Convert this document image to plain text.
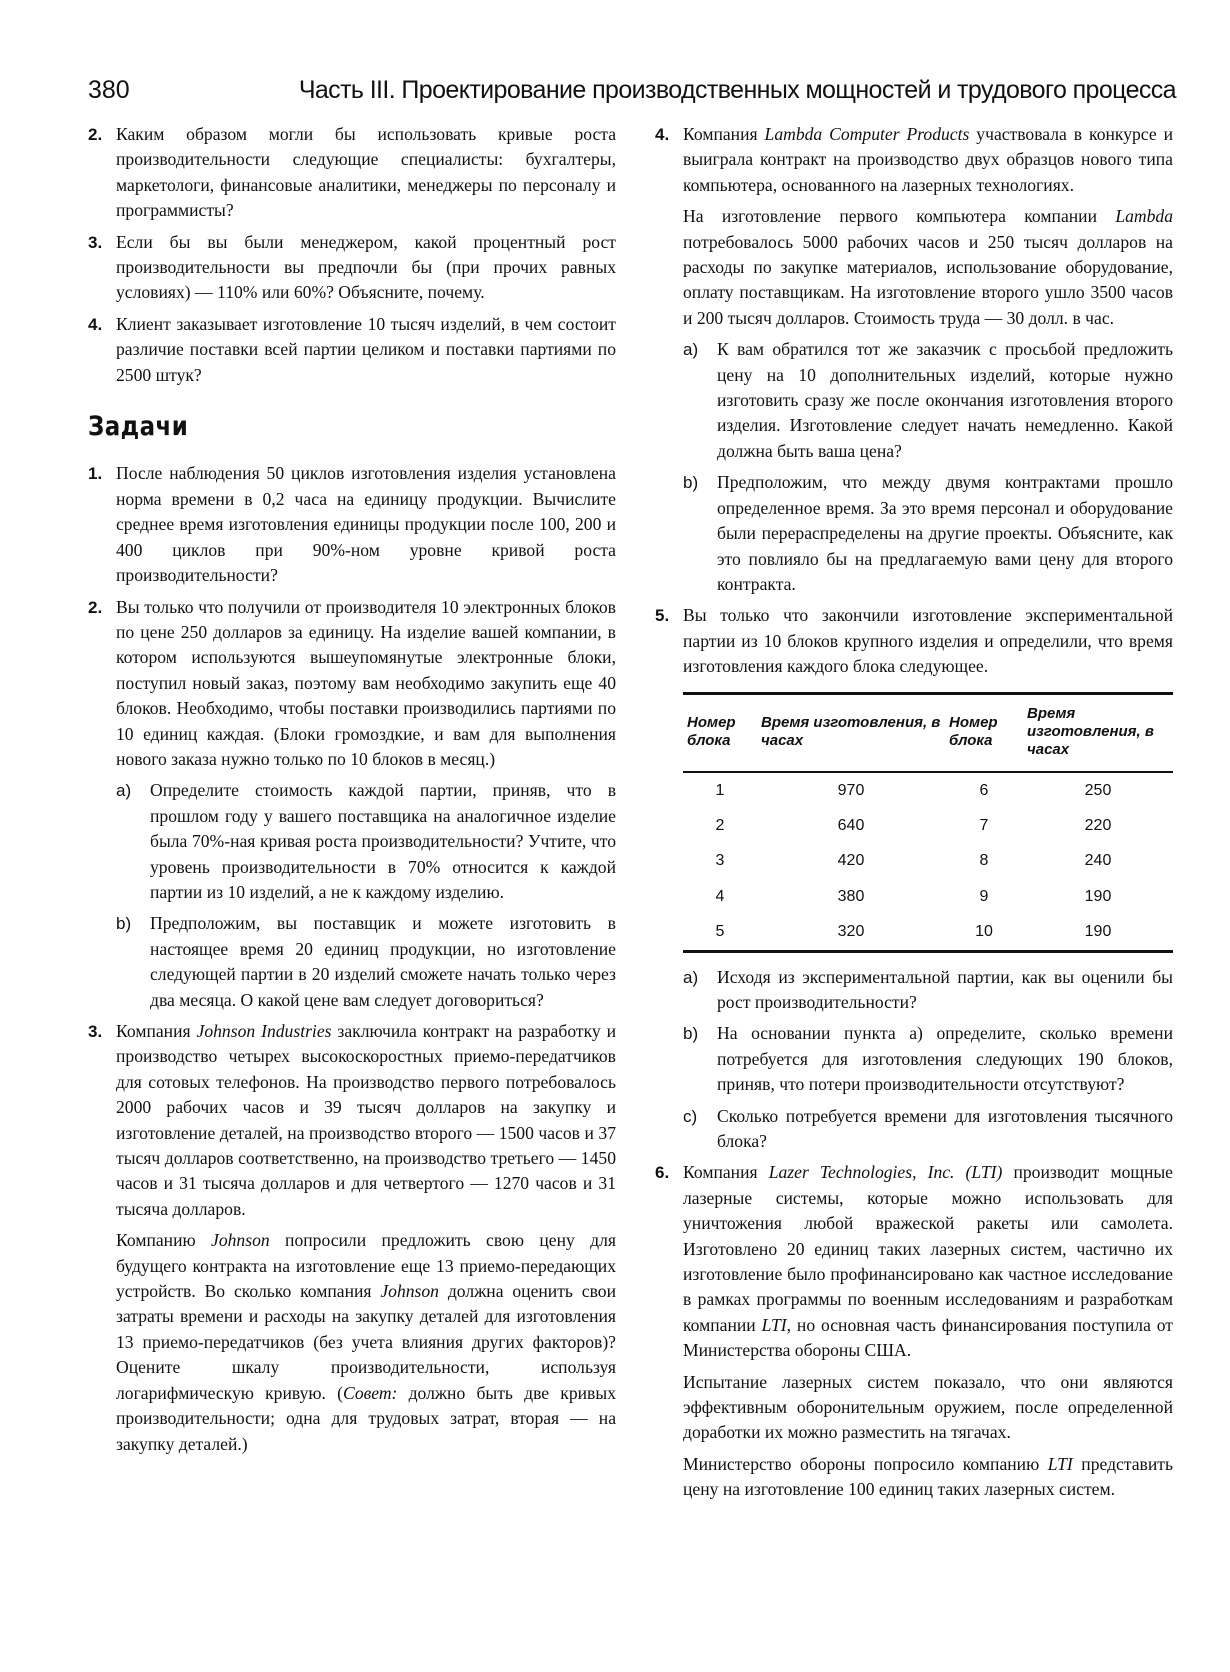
380	Часть III. Проектирование производственных мощностей и трудового процесса
2. Каким образом могли бы использовать кривые роста производительности следующие специалисты: бухгалтеры, маркетологи, финансовые аналитики, менеджеры по персоналу и программисты?
3. Если бы вы были менеджером, какой процентный рост производительности вы предпочли бы (при прочих равных условиях) — 110% или 60%? Объясните, почему.
4. Клиент заказывает изготовление 10 тысяч изделий, в чем состоит различие поставки всей партии целиком и поставки партиями по 2500 штук?
Задачи
1. После наблюдения 50 циклов изготовления изделия установлена норма времени в 0,2 часа на единицу продукции. Вычислите среднее время изготовления единицы продукции после 100, 200 и 400 циклов при 90%-ном уровне кривой роста производительности?
2. Вы только что получили от производителя 10 электронных блоков по цене 250 долларов за единицу. На изделие вашей компании, в котором используются вышеупомянутые электронные блоки, поступил новый заказ, поэтому вам необходимо закупить еще 40 блоков. Необходимо, чтобы поставки производились партиями по 10 единиц каждая. (Блоки громоздкие, и вам для выполнения нового заказа нужно только по 10 блоков в месяц.)
а) Определите стоимость каждой партии, приняв, что в прошлом году у вашего поставщика на аналогичное изделие была 70%-ная кривая роста производительности? Учтите, что уровень производительности в 70% относится к каждой партии из 10 изделий, а не к каждому изделию.
b) Предположим, вы поставщик и можете изготовить в настоящее время 20 единиц продукции, но изготовление следующей партии в 20 изделий сможете начать только через два месяца. О какой цене вам следует договориться?
3. Компания Johnson Industries заключила контракт на разработку и производство четырех высокоскоростных приемо-передатчиков для сотовых телефонов. На производство первого потребовалось 2000 рабочих часов и 39 тысяч долларов на закупку и изготовление деталей, на производство второго — 1500 часов и 37 тысяч долларов соответственно, на производство третьего — 1450 часов и 31 тысяча долларов и для четвертого — 1270 часов и 31 тысяча долларов.
Компанию Johnson попросили предложить свою цену для будущего контракта на изготовление еще 13 приемо-передающих устройств. Во сколько компания Johnson должна оценить свои затраты времени и расходы на закупку деталей для изготовления 13 приемо-передатчиков (без учета влияния других факторов)? Оцените шкалу производительности, используя логарифмическую кривую. (Совет: должно быть две кривых производительности; одна для трудовых затрат, вторая — на закупку деталей.)
4. Компания Lambda Computer Products участвовала в конкурсе и выиграла контракт на производство двух образцов нового типа компьютера, основанного на лазерных технологиях.
На изготовление первого компьютера компании Lambda потребовалось 5000 рабочих часов и 250 тысяч долларов на расходы по закупке материалов, использование оборудование, оплату поставщикам. На изготовление второго ушло 3500 часов и 200 тысяч долларов. Стоимость труда — 30 долл. в час.
а) К вам обратился тот же заказчик с просьбой предложить цену на 10 дополнительных изделий, которые нужно изготовить сразу же после окончания изготовления второго изделия. Изготовление следует начать немедленно. Какой должна быть ваша цена?
b) Предположим, что между двумя контрактами прошло определенное время. За это время персонал и оборудование были перераспределены на другие проекты. Объясните, как это повлияло бы на предлагаемую вами цену для второго контракта.
5. Вы только что закончили изготовление экспериментальной партии из 10 блоков крупного изделия и определили, что время изготовления каждого блока следующее.
Номер блока	Время изготовления, в часах	Номер блока	Время изготовления, в часах
1	970	6	250
2	640	7	220
3	420	8	240
4	380	9	190
5	320	10	190
а) Исходя из экспериментальной партии, как вы оценили бы рост производительности?
b) На основании пункта а) определите, сколько времени потребуется для изготовления следующих 190 блоков, приняв, что потери производительности отсутствуют?
с) Сколько потребуется времени для изготовления тысячного блока?
6. Компания Lazer Technologies, Inc. (LTI) производит мощные лазерные системы, которые можно использовать для уничтожения любой вражеской ракеты или самолета. Изготовлено 20 единиц таких лазерных систем, частично их изготовление было профинансировано как частное исследование в рамках программы по военным исследованиям и разработкам компании LTI, но основная часть финансирования поступила от Министерства обороны США.
Испытание лазерных систем показало, что они являются эффективным оборонительным оружием, после определенной доработки их можно разместить на тягачах.
Министерство обороны попросило компанию LTI представить цену на изготовление 100 единиц таких лазерных систем.
